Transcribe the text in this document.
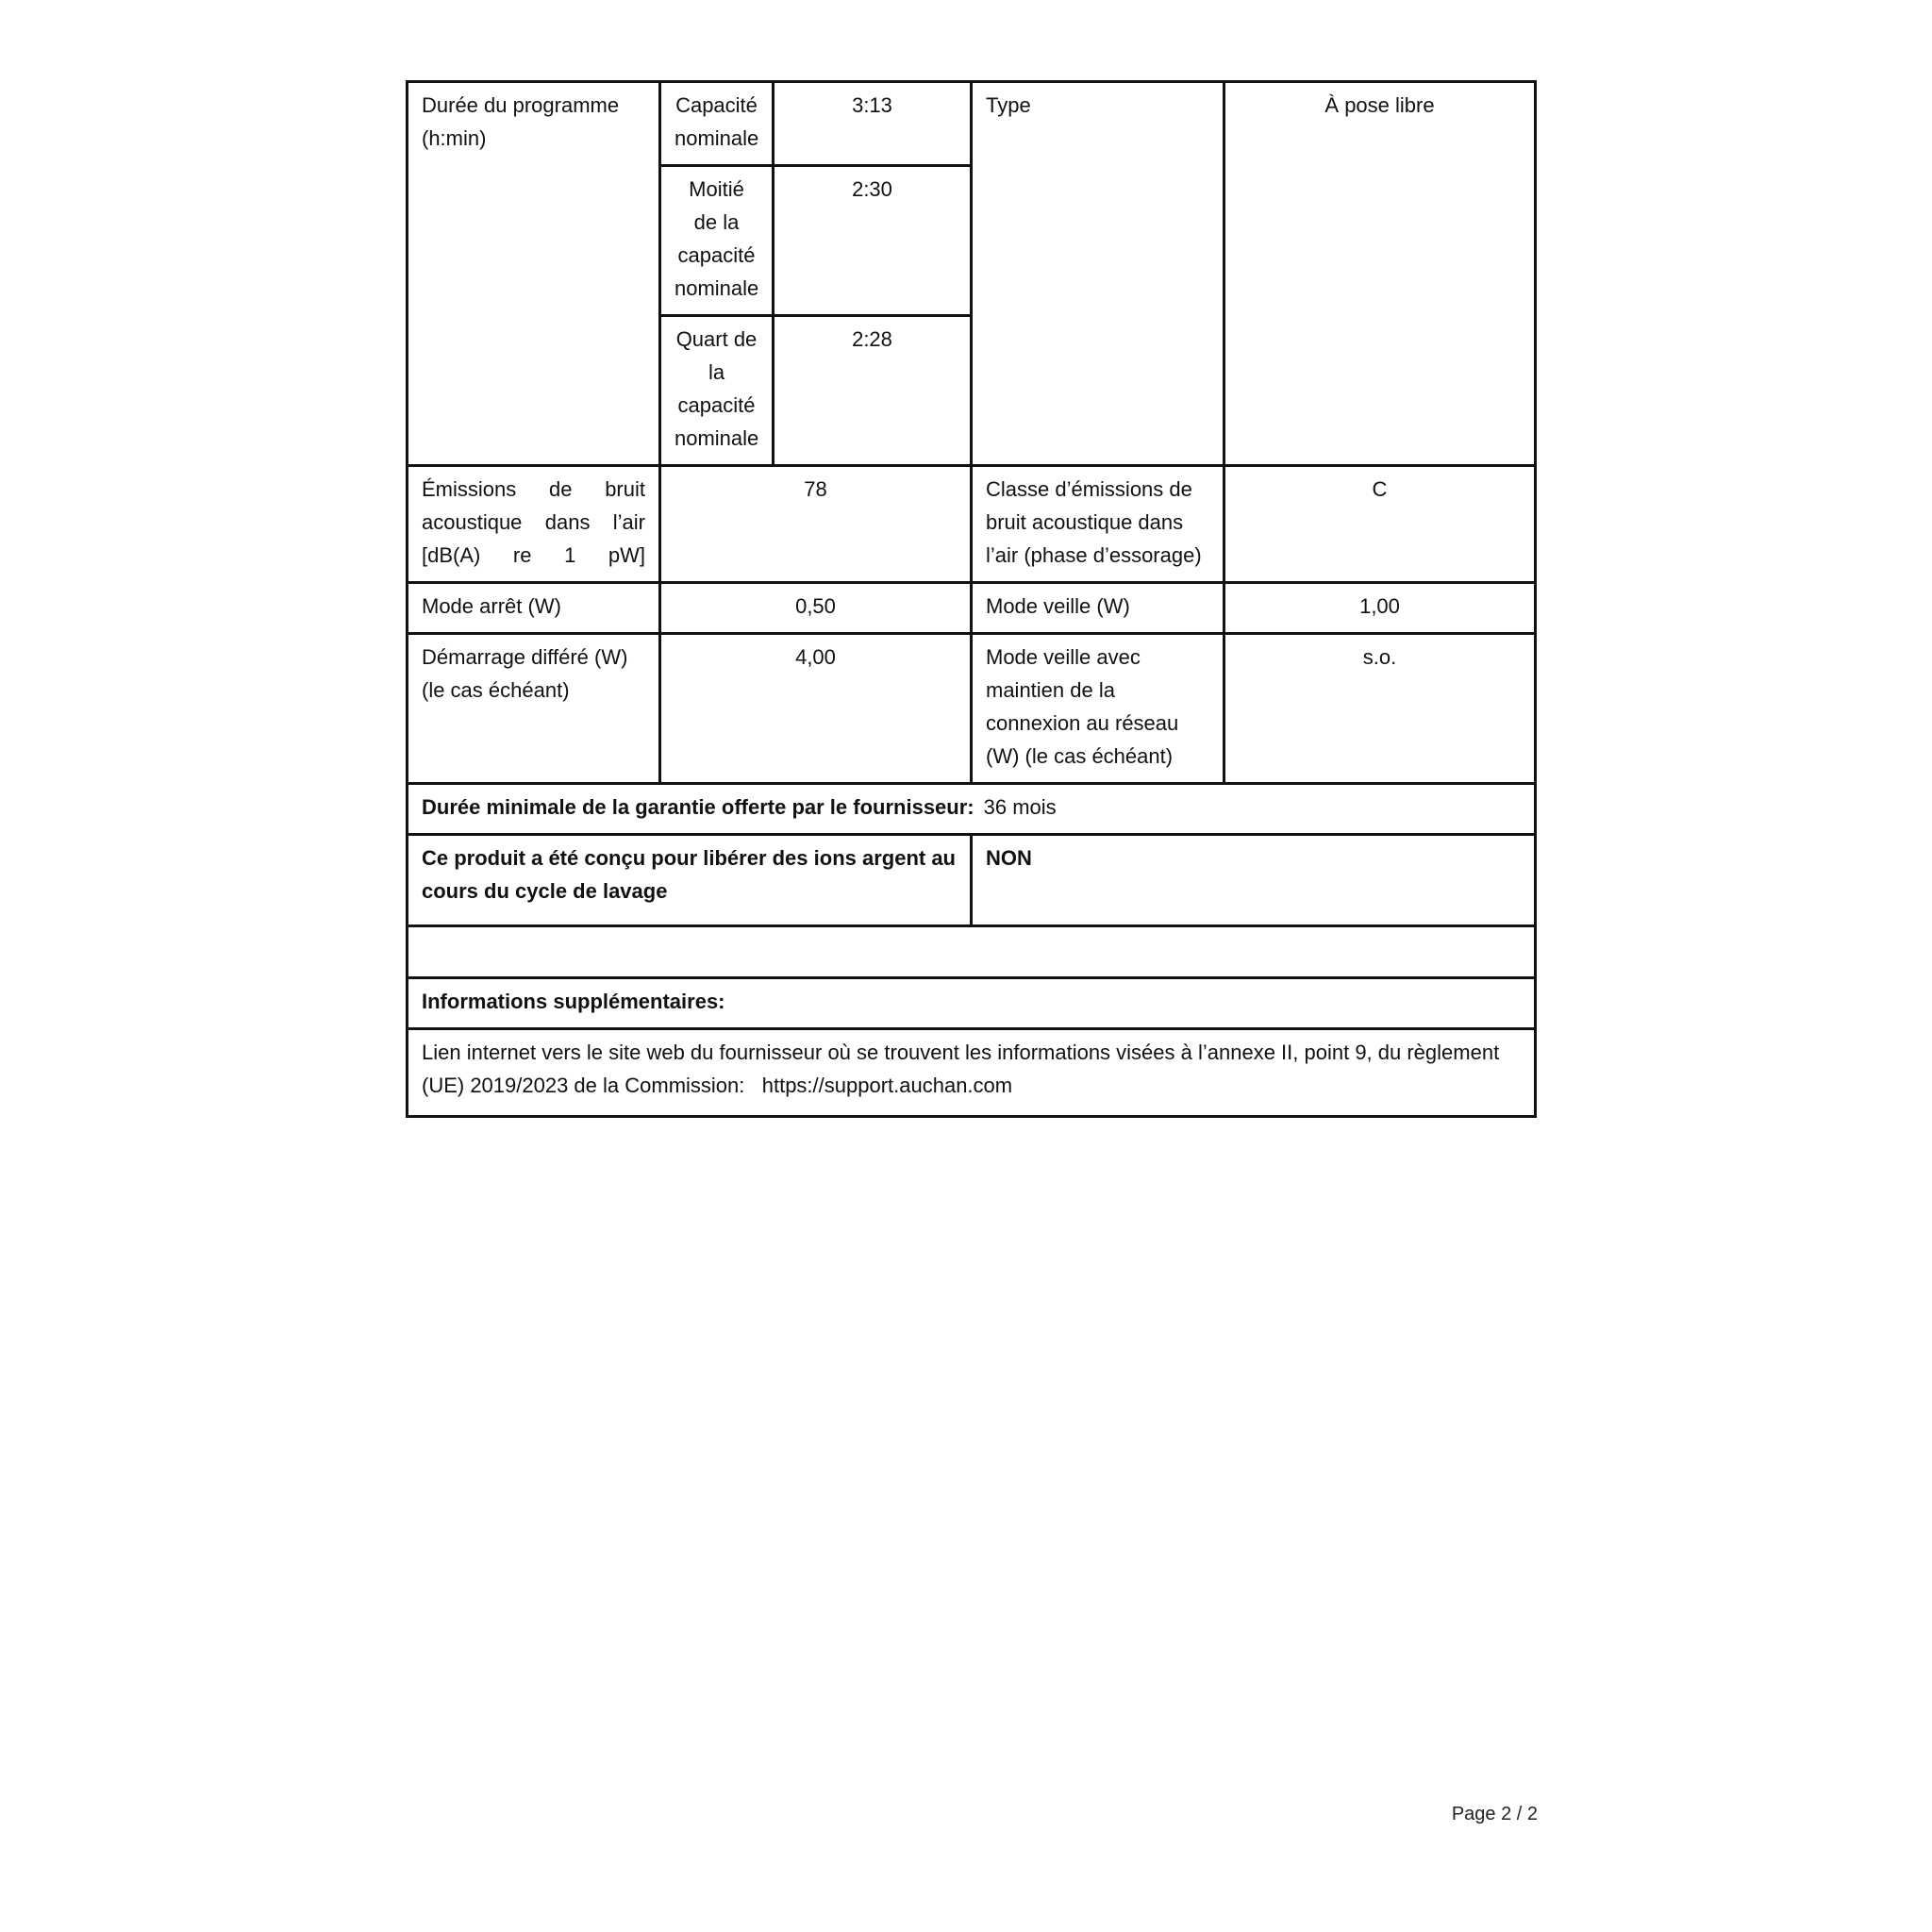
Durée du programme (h:min)	Capacité nominale	3:13	Type	À pose libre
	Moitié de la capacité nominale	2:30		
	Quart de la capacité nominale	2:28		
Émissions de bruit acoustique dans l’air [dB(A) re 1 pW]	78		Classe d’émissions de bruit acoustique dans l’air (phase d’essorage)	C
Mode arrêt (W)	0,50		Mode veille (W)	1,00
Démarrage différé (W) (le cas échéant)	4,00		Mode veille avec maintien de la connexion au réseau (W) (le cas échéant)	s.o.
Durée minimale de la garantie offerte par le fournisseur: 36 mois				
Ce produit a été conçu pour libérer des ions argent au cours du cycle de lavage			NON	

Informations supplémentaires:				
Lien internet vers le site web du fournisseur où se trouvent les informations visées à l’annexe II, point 9, du règlement (UE) 2019/2023 de la Commission: https://support.auchan.com				
Page 2 / 2
